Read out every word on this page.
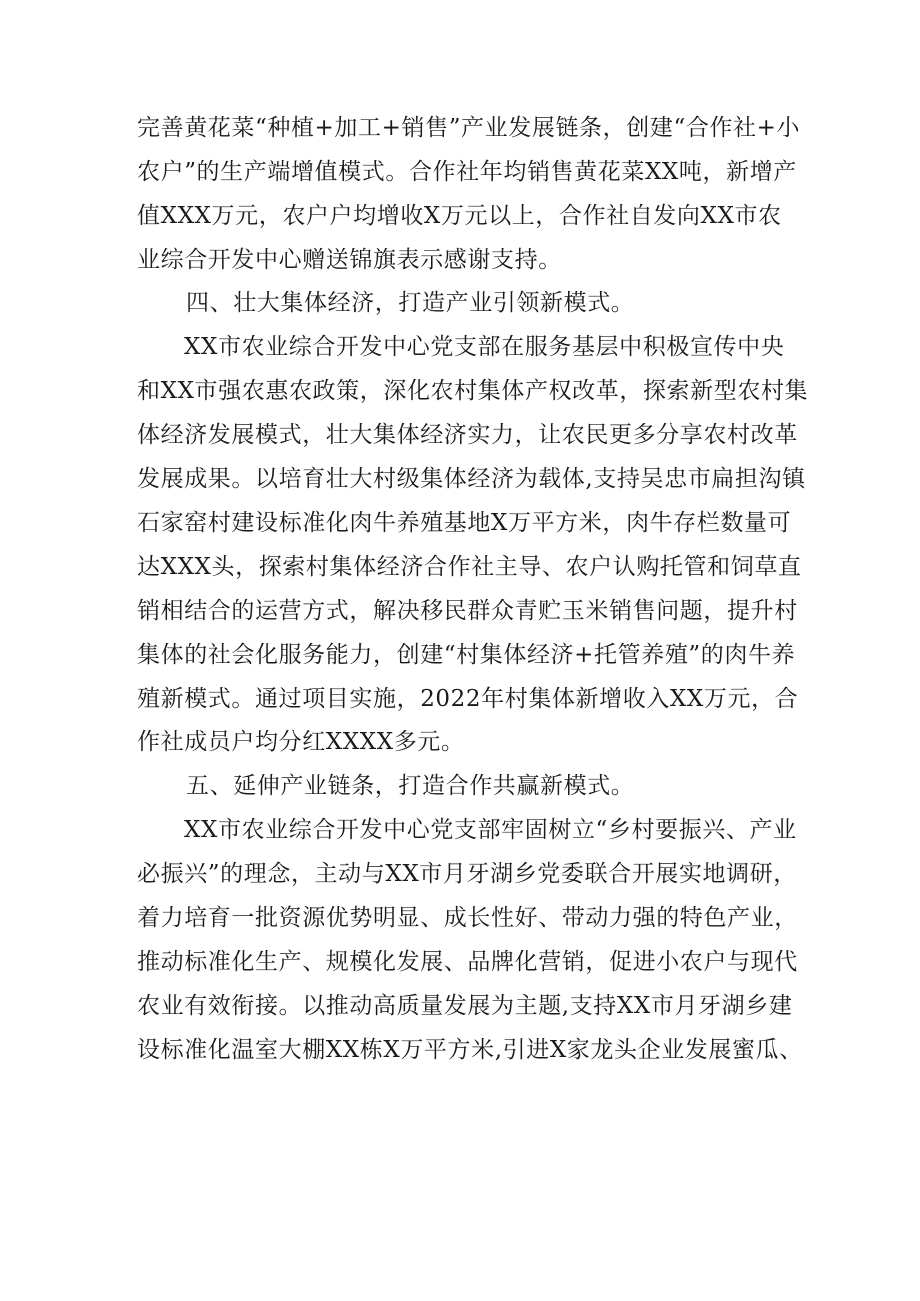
完善黄花菜“种植+加工+销售”产业发展链条，创建“合作社+小
农户”的生产端增值模式。合作社年均销售黄花菜XX吨，新增产
值XXX万元，农户户均增收X万元以上，合作社自发向XX市农
业综合开发中心赠送锦旗表示感谢支持。
四、壮大集体经济，打造产业引领新模式。
XX市农业综合开发中心党支部在服务基层中积极宣传中央
和XX市强农惠农政策，深化农村集体产权改革，探索新型农村集
体经济发展模式，壮大集体经济实力，让农民更多分享农村改革
发展成果。以培育壮大村级集体经济为载体,支持吴忠市扁担沟镇
石家窑村建设标准化肉牛养殖基地X万平方米，肉牛存栏数量可
达XXX头，探索村集体经济合作社主导、农户认购托管和饲草直
销相结合的运营方式，解决移民群众青贮玉米销售问题，提升村
集体的社会化服务能力，创建“村集体经济+托管养殖”的肉牛养
殖新模式。通过项目实施，2022年村集体新增收入XX万元，合
作社成员户均分红XXXX多元。
五、延伸产业链条，打造合作共赢新模式。
XX市农业综合开发中心党支部牢固树立“乡村要振兴、产业
必振兴”的理念，主动与XX市月牙湖乡党委联合开展实地调研，
着力培育一批资源优势明显、成长性好、带动力强的特色产业，
推动标准化生产、规模化发展、品牌化营销，促进小农户与现代
农业有效衔接。以推动高质量发展为主题,支持XX市月牙湖乡建
设标准化温室大棚XX栋X万平方米,引进X家龙头企业发展蜜瓜、
